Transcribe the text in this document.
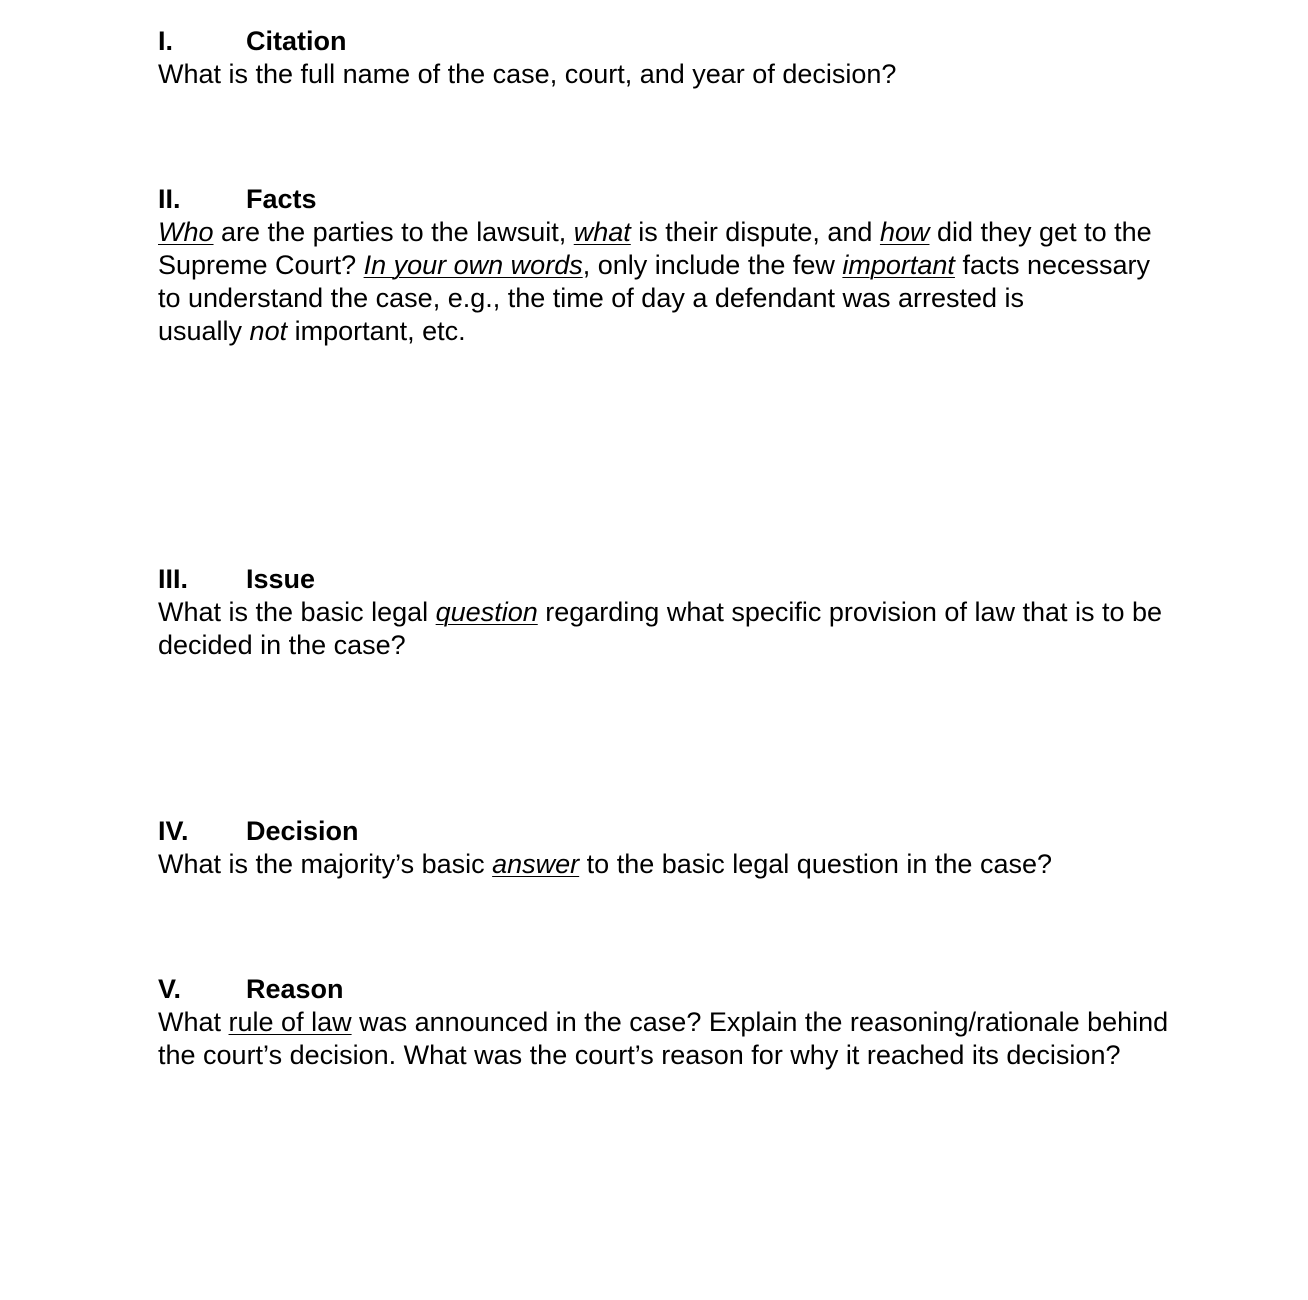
I.	Citation
What is the full name of the case, court, and year of decision?
II. Facts
Who are the parties to the lawsuit, what is their dispute, and how did they get to the
Supreme Court? In your own words, only include the few important facts necessary
to understand the case, e.g., the time of day a defendant was arrested is
usually not important, etc.
III. Issue
What is the basic legal question regarding what specific provision of law that is to be
decided in the case?
IV. Decision
What is the majority’s basic answer to the basic legal question in the case?
V. Reason
What rule of law was announced in the case? Explain the reasoning/rationale behind
the court’s decision. What was the court’s reason for why it reached its decision?
